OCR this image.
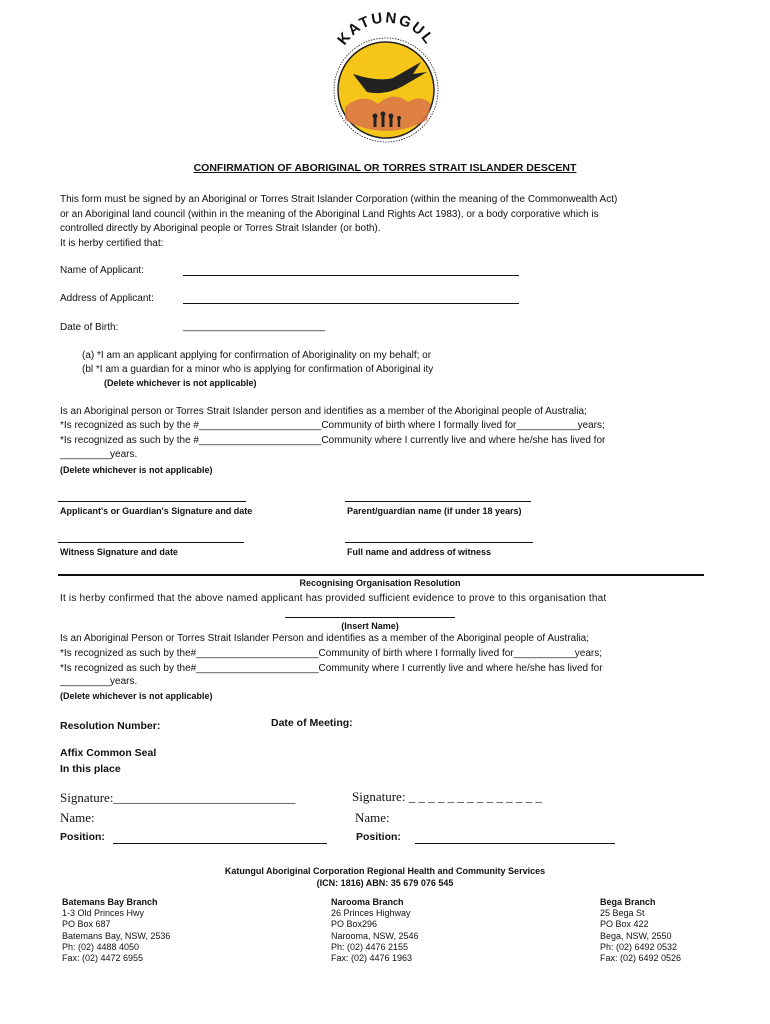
KATUNGUL
CONFIRMATION OF ABORIGINAL OR TORRES STRAIT ISLANDER DESCENT
This form must be signed by an Aboriginal or Torres Strait Islander Corporation (within the meaning of the Commonwealth Act)
or an Aboriginal land council (within in the meaning of the Aboriginal Land Rights Act 1983), or a body corporative which is
controlled directly by Aboriginal people or Torres Strait Islander (or both).
It is herby certified that:
Name of Applicant:
Address of Applicant:
Date of Birth:	____________________________
(a) *I am an applicant applying for confirmation of Aboriginality on my behalf; or
(bl *I am a guardian for a minor who is applying for confirmation of Aboriginal ity
(Delete whichever is not applicable)
Is an Aboriginal person or Torres Strait Islander person and identifies as a member of the Aboriginal people of Australia;
*Is recognized as such by the #______________________Community of birth where I formally lived for___________years;
*Is recognized as such by the #______________________Community where I currently live and where he/she has lived for
_________years.
(Delete whichever is not applicable)
Applicant's or Guardian's Signature and date	Parent/guardian name (if under 18 years)
Witness Signature and date	Full name and address of witness
Recognising Organisation Resolution
It is herby confirmed that the above named applicant has provided sufficient evidence to prove to this organisation that
(Insert Name)
Is an Aboriginal Person or Torres Strait Islander Person and identifies as a member of the Aboriginal people of Australia;
*Is recognized as such by the#______________________Community of birth where I formally lived for___________years;
*Is recognized as such by the#______________________Community where I currently live and where he/she has lived for
_________years.
(Delete whichever is not applicable)
Resolution Number:	Date of Meeting:
Affix Common Seal
In this place
Signature:____________________________
Name:
Position:
Signature: _ _ _ _ _ _ _ _ _ _ _ _ _ _
Name:
Position:
Katungul Aboriginal Corporation Regional Health and Community Services
(ICN: 1816) ABN: 35 679 076 545
Batemans Bay Branch
1-3 Old Princes Hwy
PO Box 687
Batemans Bay, NSW, 2536
Ph: (02) 4488 4050
Fax: (02) 4472 6955
Narooma Branch
26 Princes Highway
PO Box296
Narooma, NSW, 2546
Ph: (02) 4476 2155
Fax: (02) 4476 1963
Bega Branch
25 Bega St
PO Box 422
Bega, NSW, 2550
Ph: (02) 6492 0532
Fax: (02) 6492 0526
